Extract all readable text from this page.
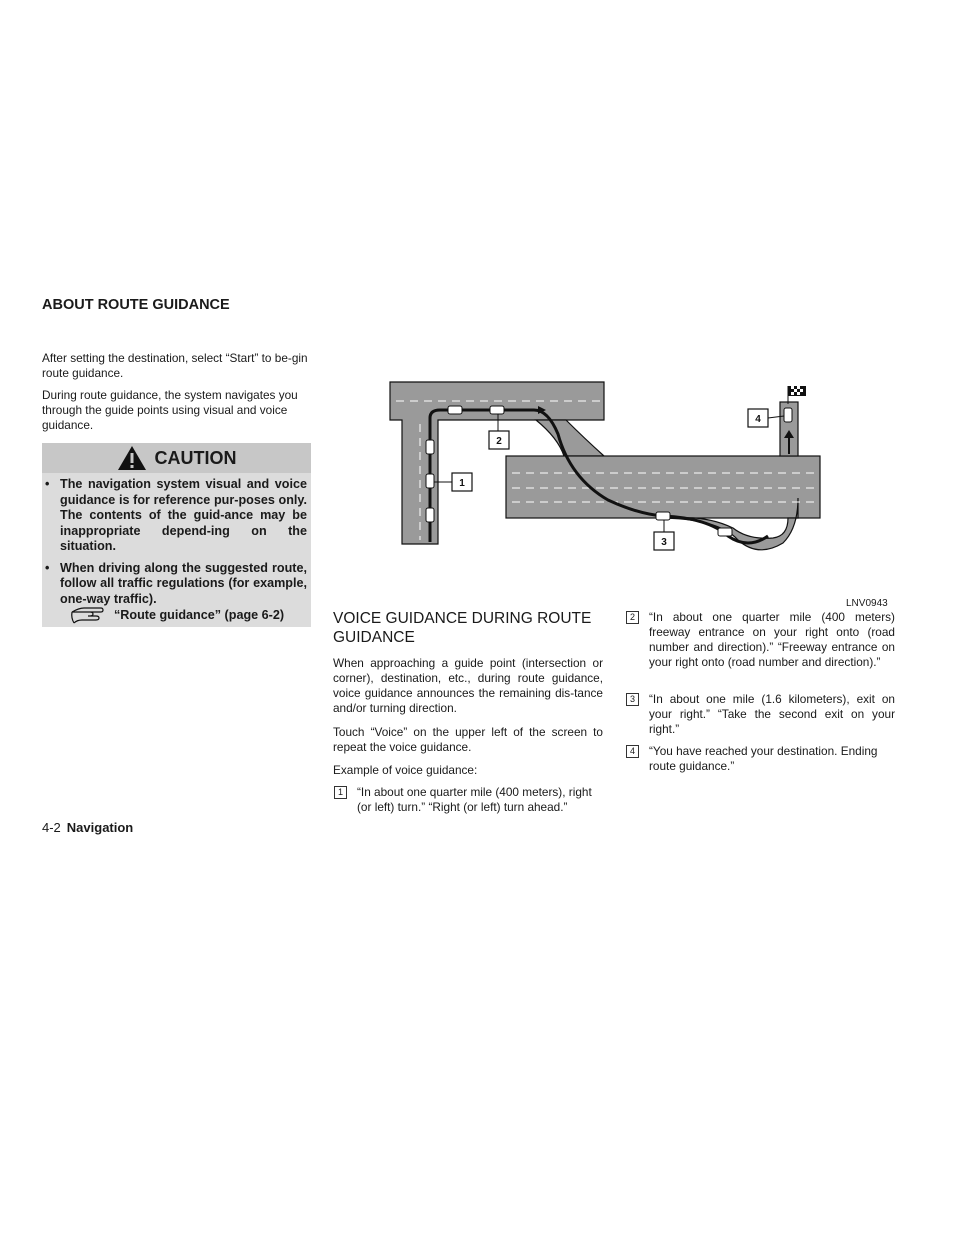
ABOUT ROUTE GUIDANCE

After setting the destination, select “Start” to be-gin route guidance.

During route guidance, the system navigates you through the guide points using visual and voice guidance.

CAUTION
• The navigation system visual and voice guidance is for reference pur-poses only. The contents of the guid-ance may be inappropriate depend-ing on the situation.
• When driving along the suggested route, follow all traffic regulations (for example, one-way traffic).
“Route guidance” (page 6-2)
1
2
3
4
LNV0943
VOICE GUIDANCE DURING ROUTE GUIDANCE

When approaching a guide point (intersection or corner), destination, etc., during route guidance, voice guidance announces the remaining dis-tance and/or turning direction.

Touch “Voice” on the upper left of the screen to repeat the voice guidance.

Example of voice guidance:

1	“In about one quarter mile (400 meters), right (or left) turn.” “Right (or left) turn ahead.”
2	“In about one quarter mile (400 meters) freeway entrance on your right onto (road number and direction).” “Freeway entrance on your right onto (road number and direction).”
3	“In about one mile (1.6 kilometers), exit on your right.” “Take the second exit on your right.”
4	“You have reached your destination. Ending route guidance.”
4-2 Navigation
